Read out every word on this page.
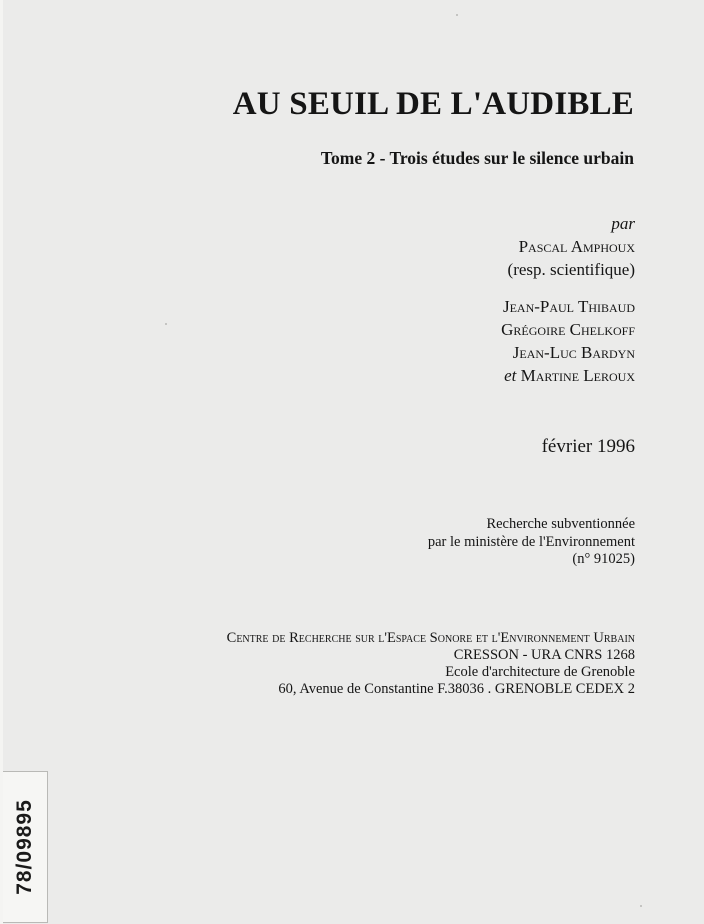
AU SEUIL DE L'AUDIBLE
Tome 2 - Trois études sur le silence urbain
par
Pascal Amphoux
(resp. scientifique)
Jean-Paul Thibaud
Grégoire Chelkoff
Jean-Luc Bardyn
et Martine Leroux
février 1996
Recherche subventionnée
par le ministère de l'Environnement
(n° 91025)
Centre de Recherche sur l'Espace Sonore et l'Environnement Urbain
CRESSON - URA CNRS 1268
Ecole d'architecture de Grenoble
60, Avenue de Constantine F.38036 . GRENOBLE CEDEX 2
78/09895
